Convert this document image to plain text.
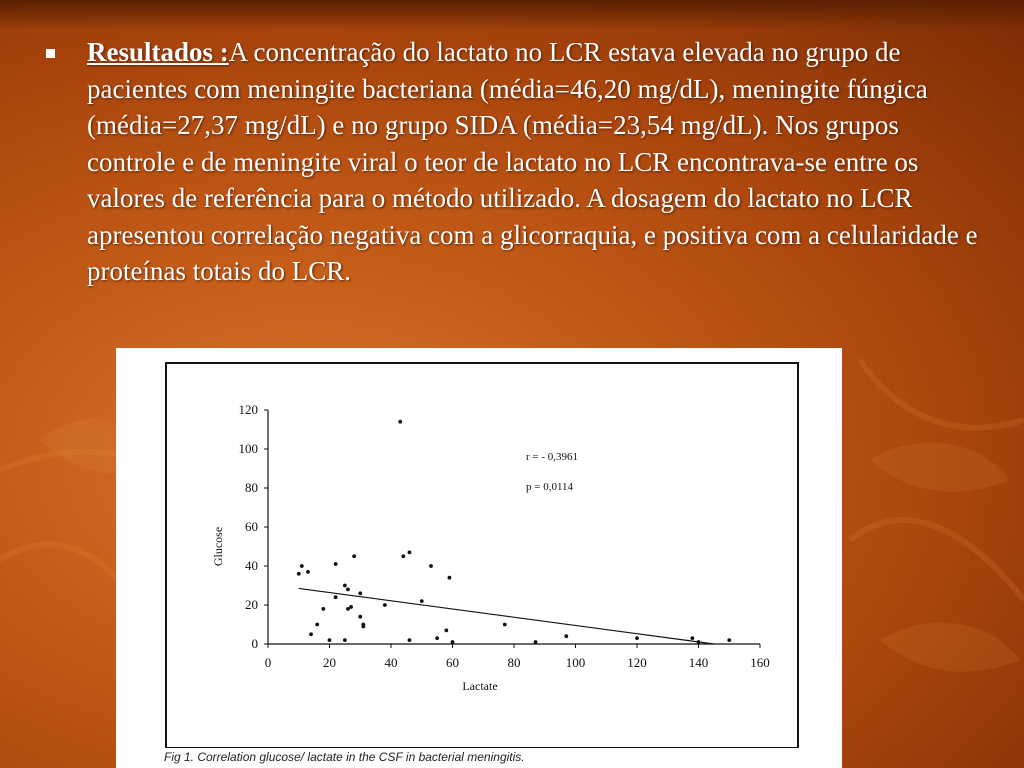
Resultados :A concentração do lactato no LCR estava elevada no grupo de pacientes com meningite bacteriana (média=46,20 mg/dL), meningite fúngica (média=27,37 mg/dL) e no grupo SIDA (média=23,54 mg/dL). Nos grupos controle e de meningite viral o teor de lactato no LCR encontrava-se entre os valores de referência para o método utilizado. A dosagem do lactato no LCR apresentou correlação negativa com a glicorraquia, e positiva com a celularidade e proteínas totais do LCR.
0	20	40	60	80	100	120	140	160
0
20
40
60
80
100
120
Lactate
Glucose
r = - 0,3961
p = 0,0114
Fig 1. Correlation glucose/ lactate in the CSF in bacterial meningitis.
